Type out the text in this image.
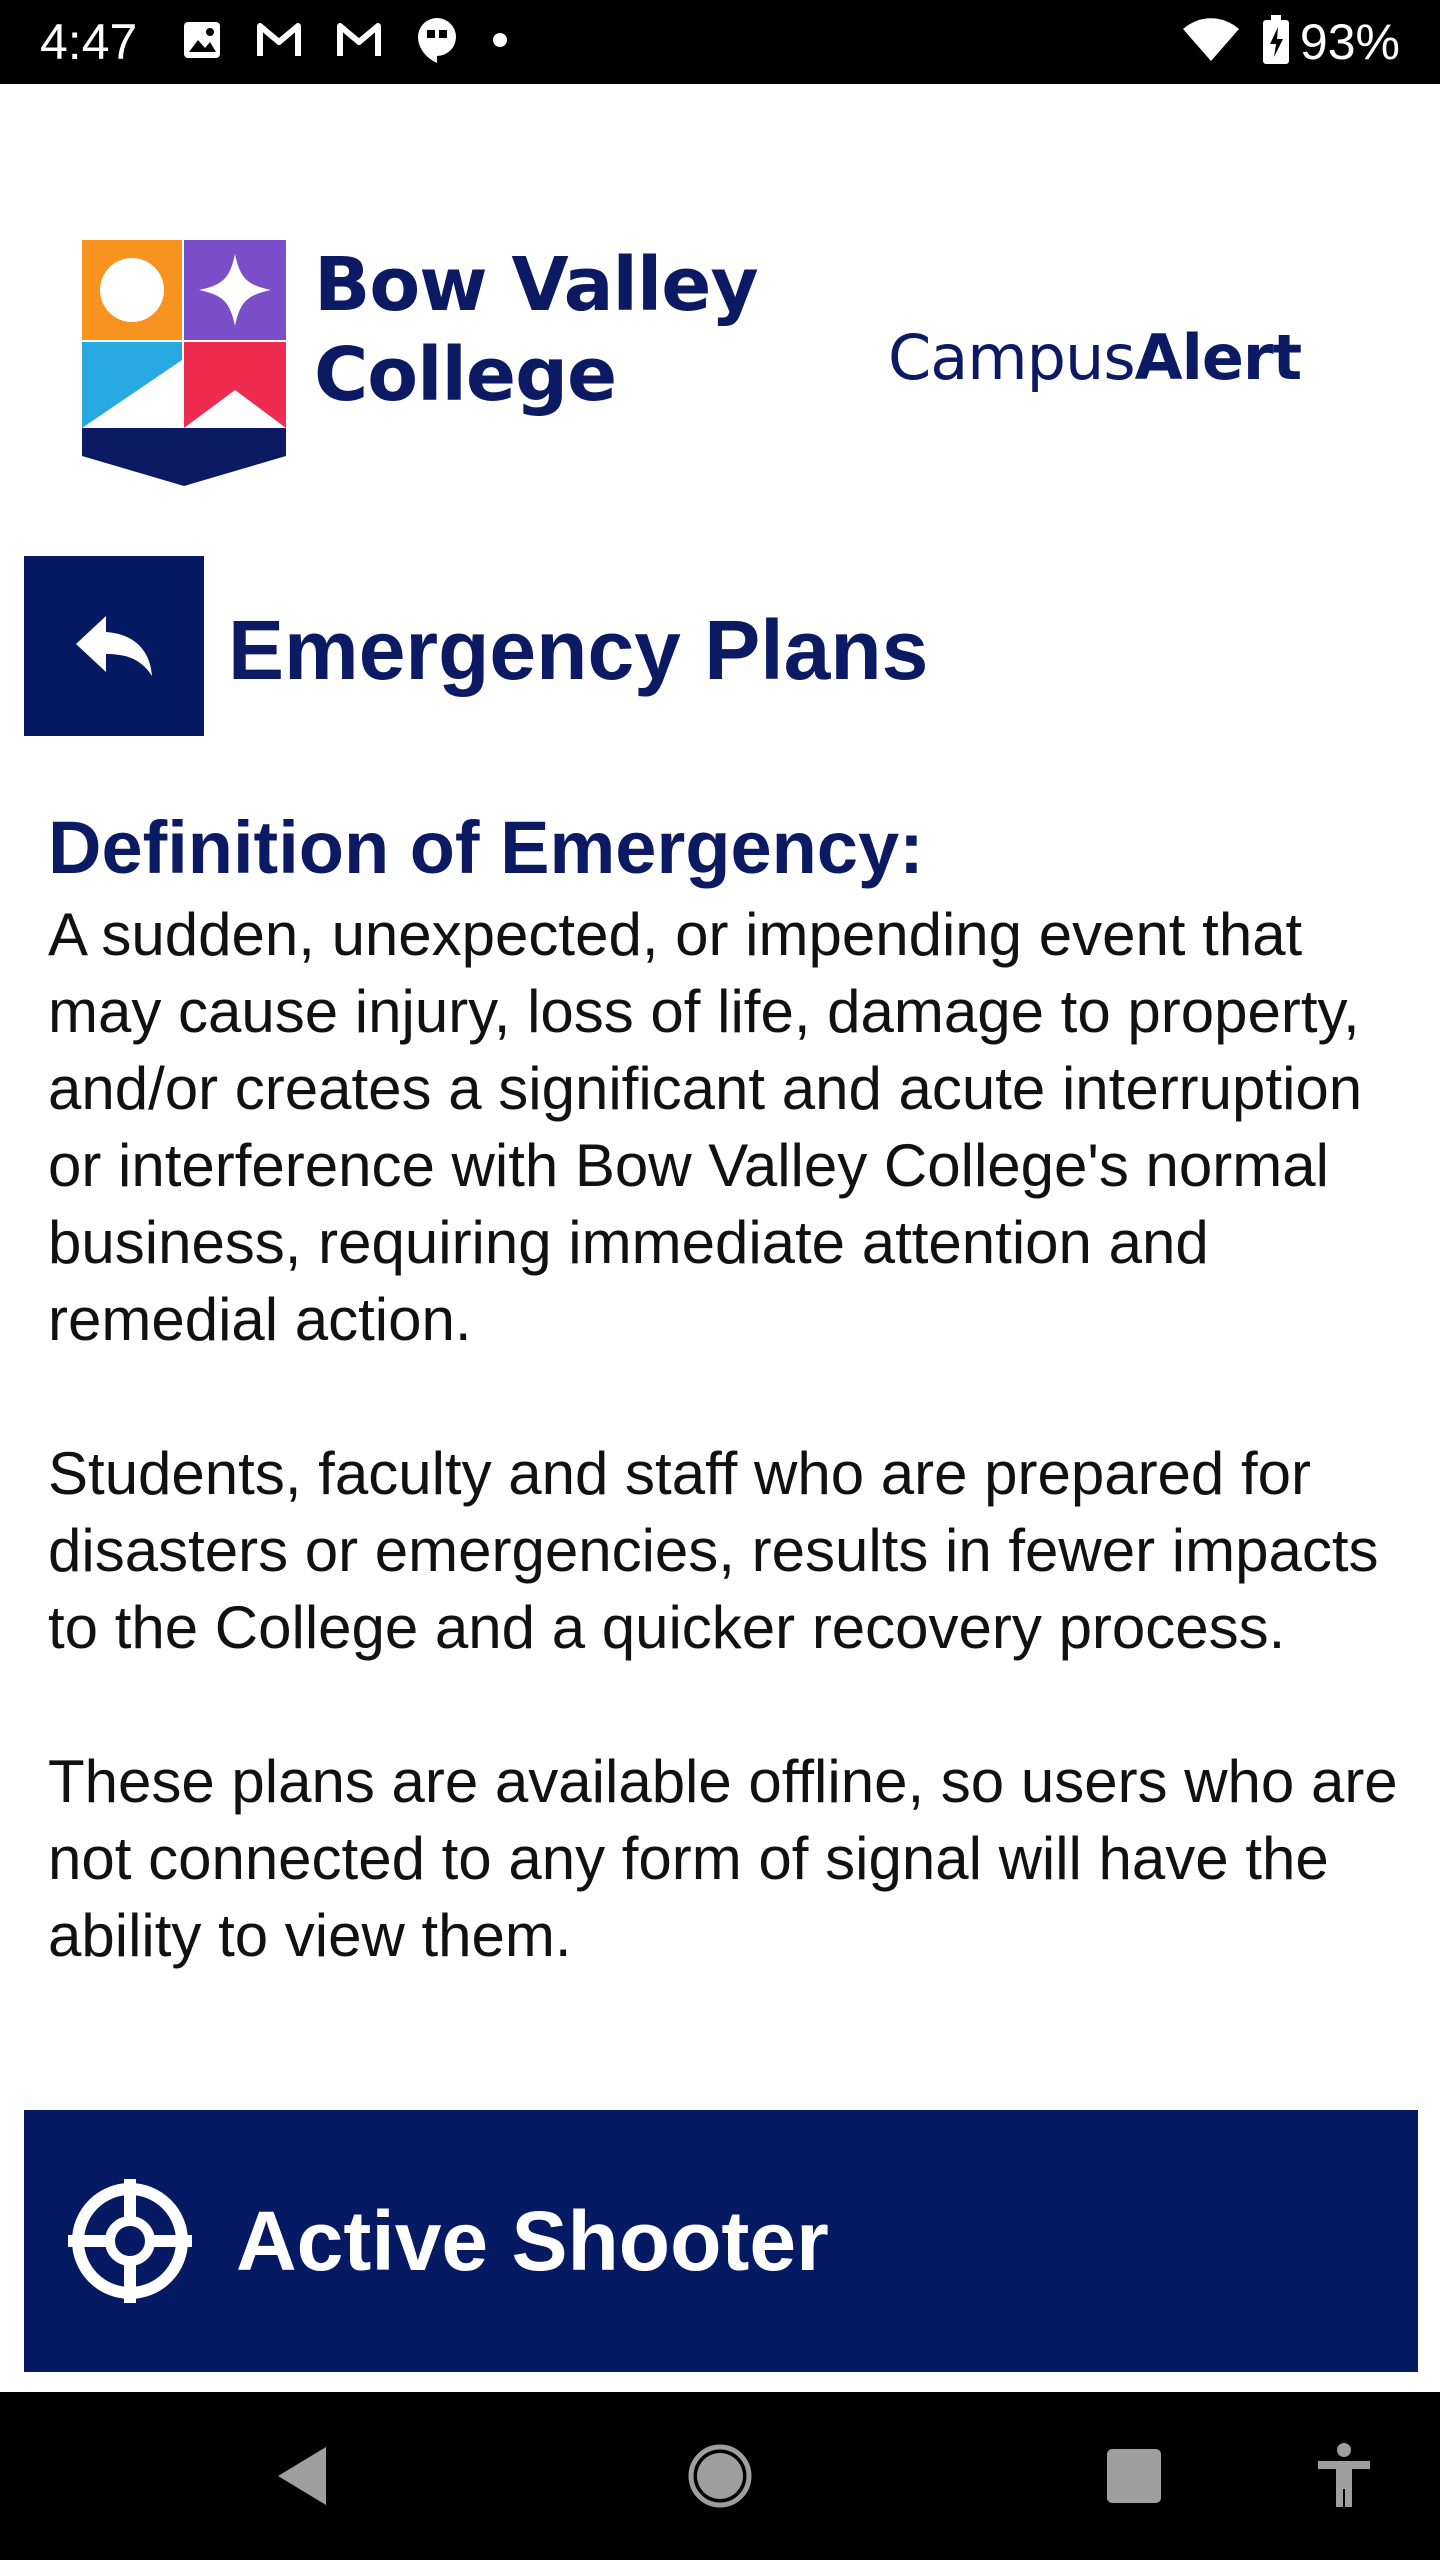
4:47	93%
Bow Valley
College	CampusAlert
Emergency Plans
Definition of Emergency:

A sudden, unexpected, or impending event that may cause injury, loss of life, damage to property, and/or creates a significant and acute interruption or interference with Bow Valley College's normal business, requiring immediate attention and remedial action.

Students, faculty and staff who are prepared for disasters or emergencies, results in fewer impacts to the College and a quicker recovery process.

These plans are available offline, so users who are not connected to any form of signal will have the ability to view them.

Active Shooter
